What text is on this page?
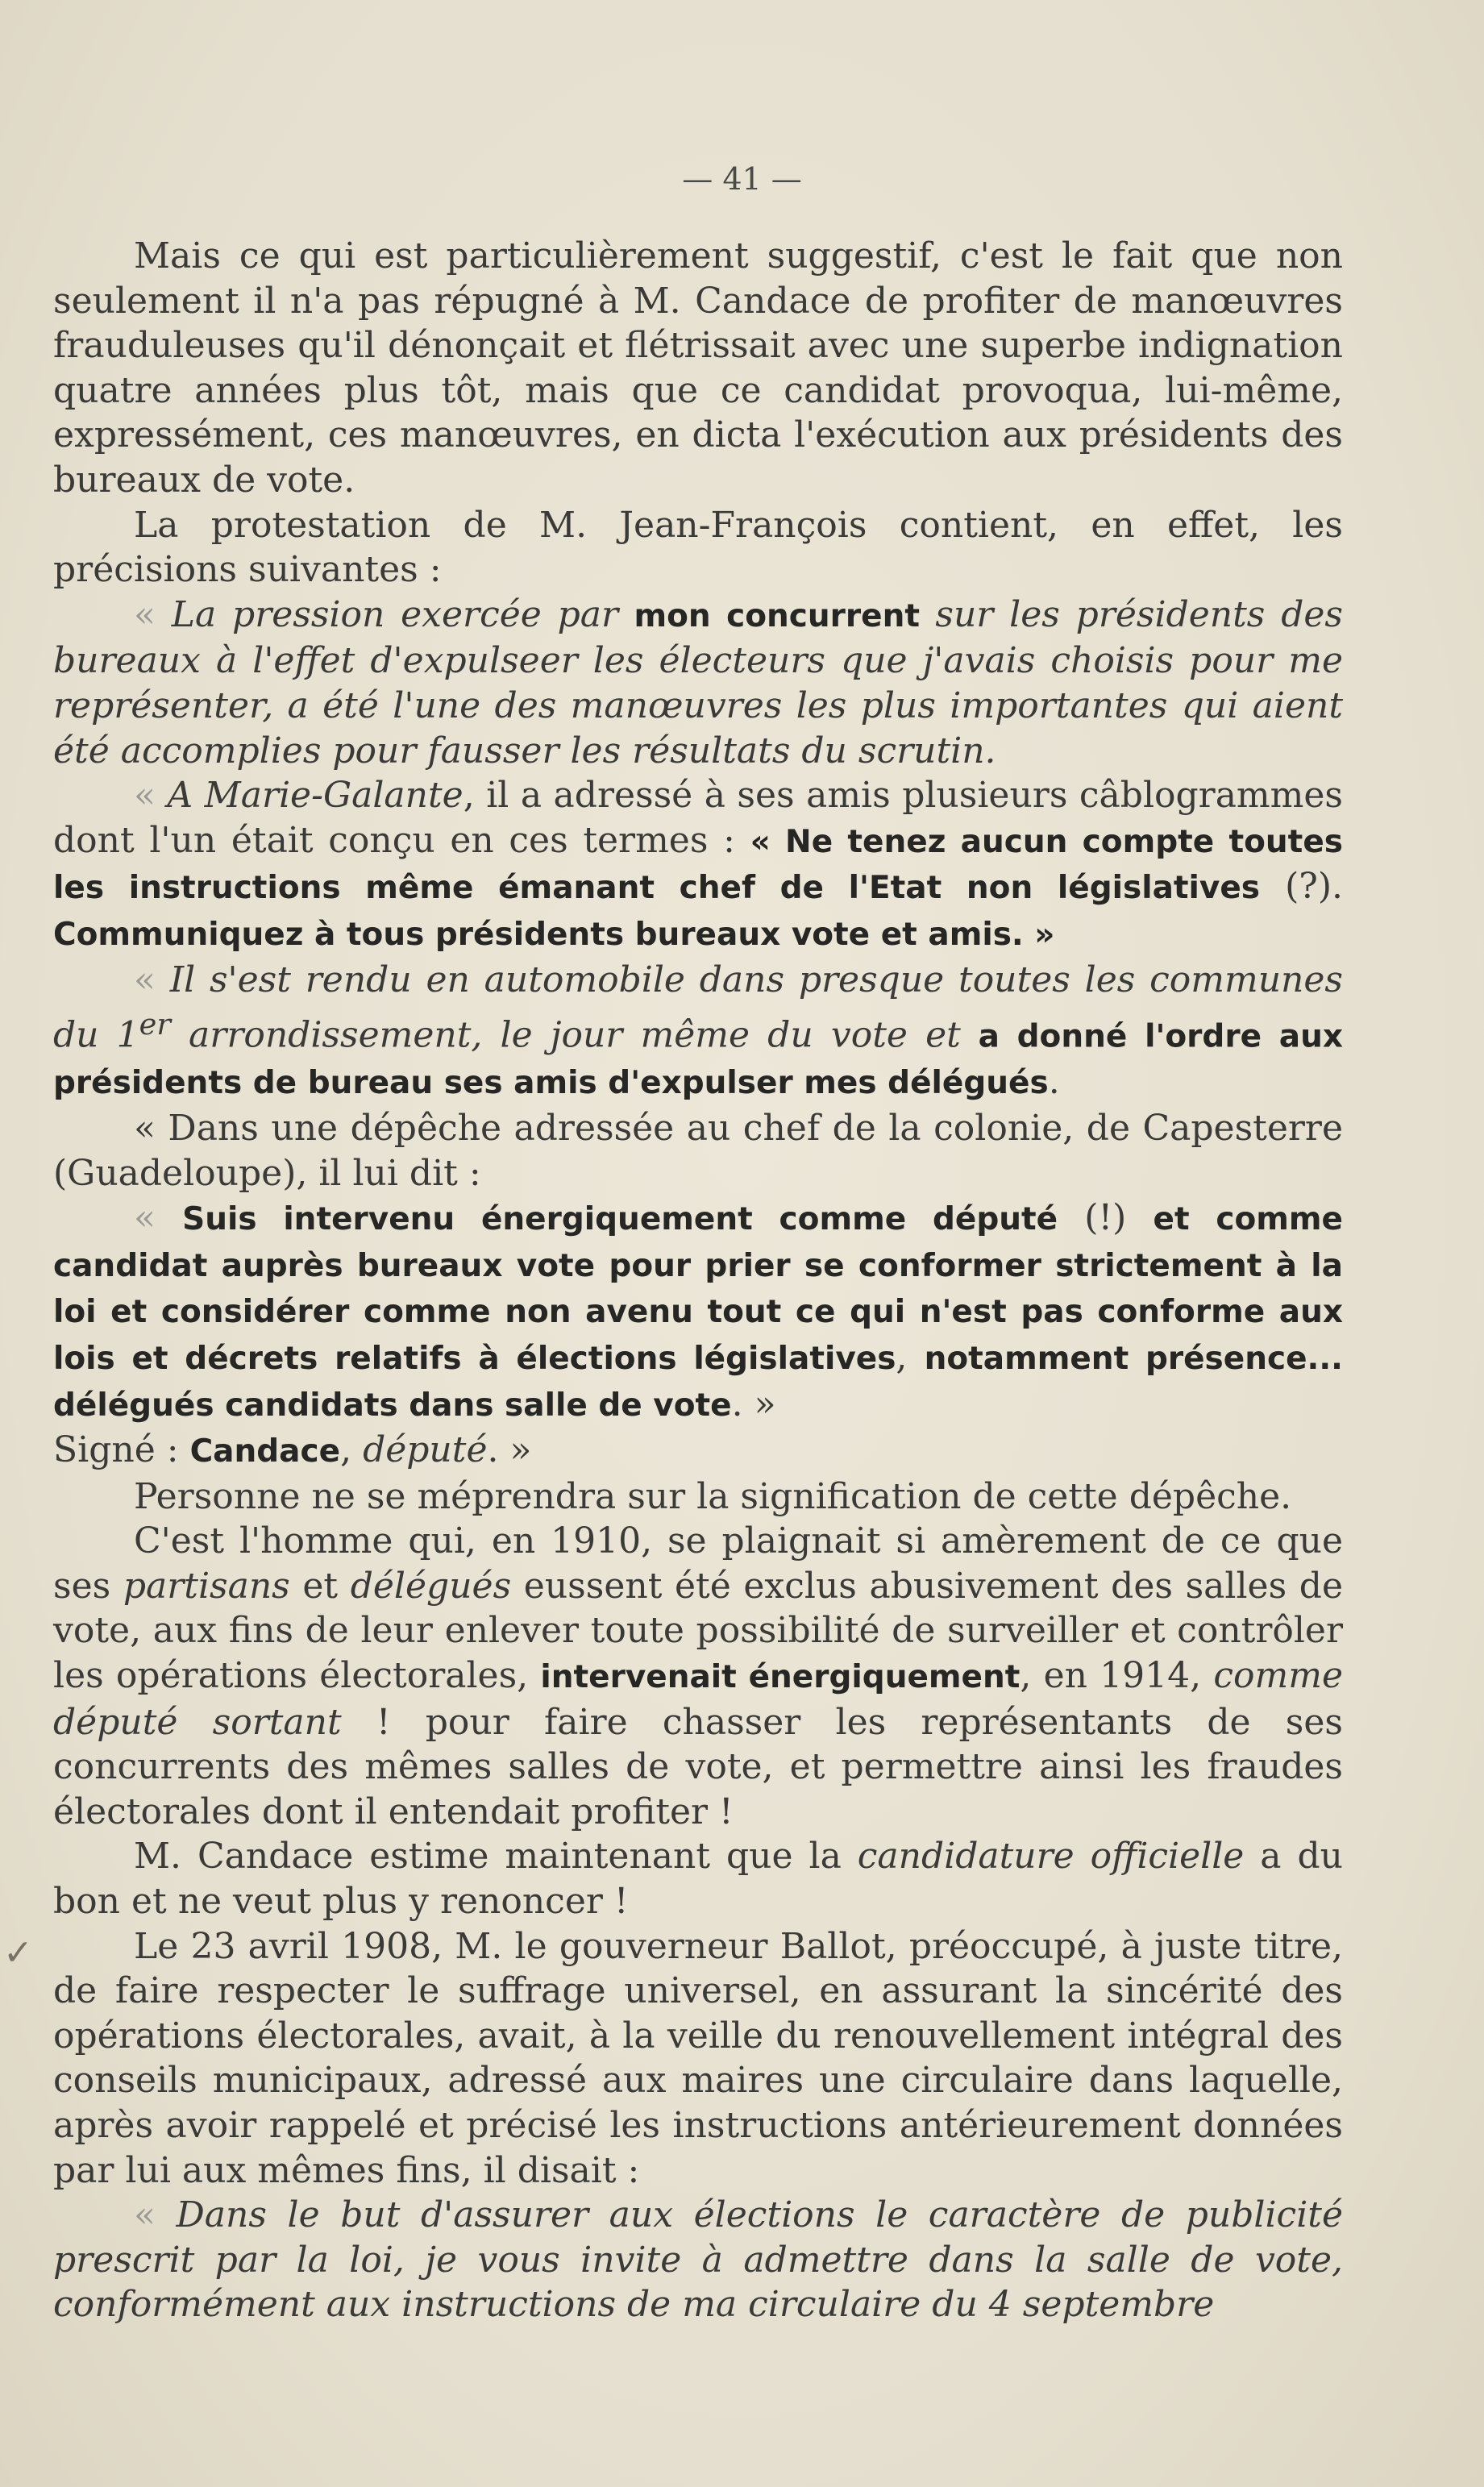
— 41 —
✓

Mais ce qui est particulièrement suggestif, c'est le fait que non seulement il n'a pas répugné à M. Candace de profiter de manœuvres frauduleuses qu'il dénonçait et flétrissait avec une superbe indignation quatre années plus tôt, mais que ce candidat provoqua, lui-même, expressément, ces manœuvres, en dicta l'exécution aux présidents des bureaux de vote.

La protestation de M. Jean-François contient, en effet, les précisions suivantes :

« La pression exercée par mon concurrent sur les présidents des bureaux à l'effet d'expulseer les électeurs que j'avais choisis pour me représenter, a été l'une des manœuvres les plus importantes qui aient été accomplies pour fausser les résultats du scrutin.

« A Marie-Galante, il a adressé à ses amis plusieurs câblogrammes dont l'un était conçu en ces termes : « Ne tenez aucun compte toutes les instructions même émanant chef de l'Etat non législatives (?). Communiquez à tous présidents bureaux vote et amis. »

« Il s'est rendu en automobile dans presque toutes les communes du 1er arrondissement, le jour même du vote et a donné l'ordre aux présidents de bureau ses amis d'expulser mes délégués.

« Dans une dépêche adressée au chef de la colonie, de Capesterre (Guadeloupe), il lui dit :

« Suis intervenu énergiquement comme député (!) et comme candidat auprès bureaux vote pour prier se conformer strictement à la loi et considérer comme non avenu tout ce qui n'est pas conforme aux lois et décrets relatifs à élections législatives, notamment présence... délégués candidats dans salle de vote. »

Signé : Candace, député. »

Personne ne se méprendra sur la signification de cette dépêche.

C'est l'homme qui, en 1910, se plaignait si amèrement de ce que ses partisans et délégués eussent été exclus abusivement des salles de vote, aux fins de leur enlever toute possibilité de surveiller et contrôler les opérations électorales, intervenait énergiquement, en 1914, comme député sortant ! pour faire chasser les représentants de ses concurrents des mêmes salles de vote, et permettre ainsi les fraudes électorales dont il entendait profiter !

M. Candace estime maintenant que la candidature officielle a du bon et ne veut plus y renoncer !

Le 23 avril 1908, M. le gouverneur Ballot, préoccupé, à juste titre, de faire respecter le suffrage universel, en assurant la sincérité des opérations électorales, avait, à la veille du renouvellement intégral des conseils municipaux, adressé aux maires une circulaire dans laquelle, après avoir rappelé et précisé les instructions antérieurement données par lui aux mêmes fins, il disait :

« Dans le but d'assurer aux élections le caractère de publicité prescrit par la loi, je vous invite à admettre dans la salle de vote, conformément aux instructions de ma circulaire du 4 septembre
